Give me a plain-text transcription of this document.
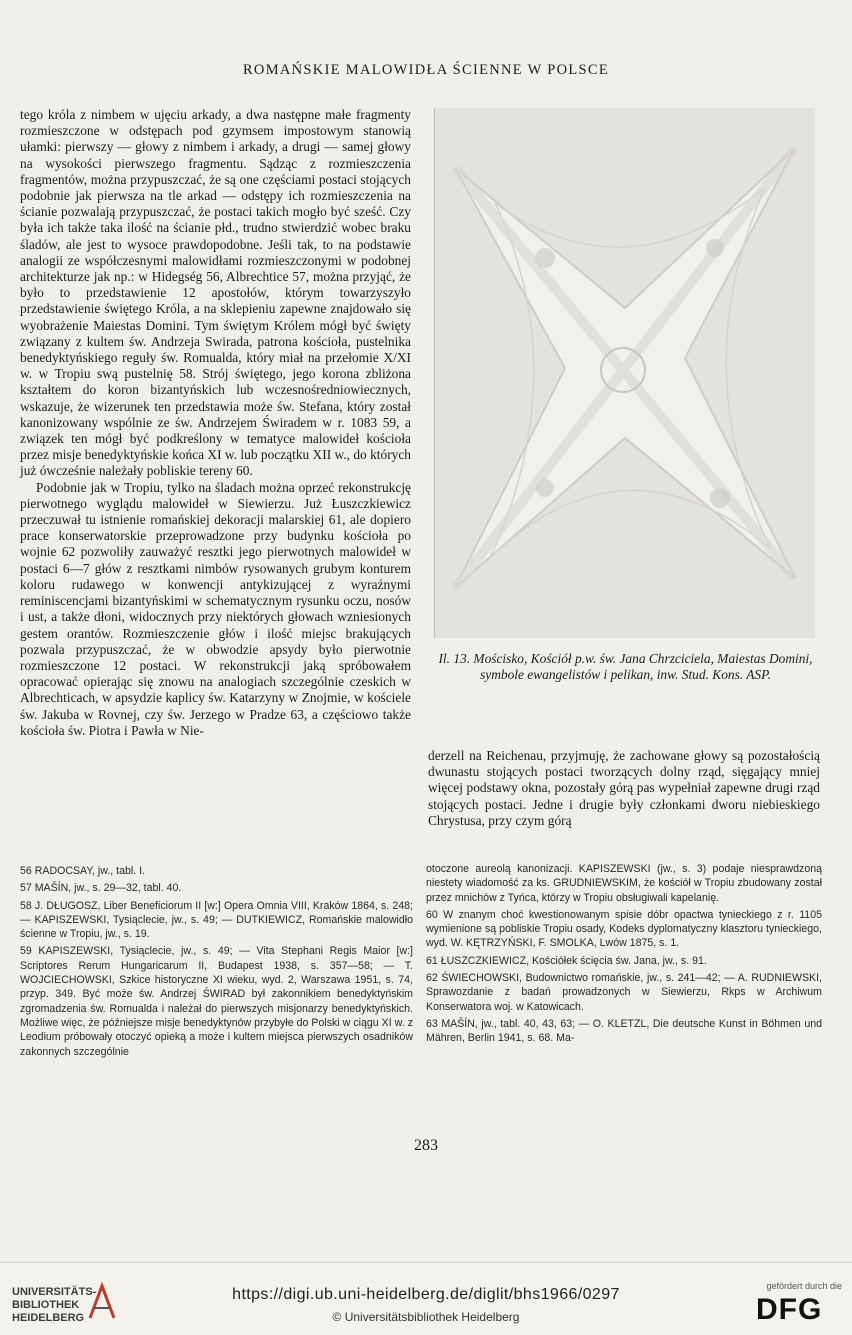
ROMAŃSKIE MALOWIDŁA ŚCIENNE W POLSCE

tego króla z nimbem w ujęciu arkady, a dwa następne małe fragmenty rozmieszczone w odstępach pod gzymsem impostowym stanowią ułamki: pierwszy — głowy z nimbem i arkady, a drugi — samej głowy na wysokości pierwszego fragmentu. Sądząc z rozmieszczenia fragmentów, można przypuszczać, że są one częściami postaci stojących podobnie jak pierwsza na tle arkad — odstępy ich rozmieszczenia na ścianie pozwalają przypuszczać, że postaci takich mogło być sześć. Czy była ich także taka ilość na ścianie płd., trudno stwierdzić wobec braku śladów, ale jest to wysoce prawdopodobne. Jeśli tak, to na podstawie analogii ze współczesnymi malowidłami rozmieszczonymi w podobnej architekturze jak np.: w Hidegség 56, Albrechtice 57, można przyjąć, że było to przedstawienie 12 apostołów, którym towarzyszyło przedstawienie świętego Króla, a na sklepieniu zapewne znajdowało się wyobrażenie Maiestas Domini. Tym świętym Królem mógł być święty związany z kultem św. Andrzeja Swirada, patrona kościoła, pustelnika benedyktyńskiego reguły św. Romualda, który miał na przełomie X/XI w. w Tropiu swą pustelnię 58. Strój świętego, jego korona zbliżona kształtem do koron bizantyńskich lub wczesnośredniowiecznych, wskazuje, że wizerunek ten przedstawia może św. Stefana, który został kanonizowany wspólnie ze św. Andrzejem Świradem w r. 1083 59, a związek ten mógł być podkreślony w tematyce malowideł kościoła przez misje benedyktyńskie końca XI w. lub początku XII w., do których już ówcześnie należały pobliskie tereny 60.

Podobnie jak w Tropiu, tylko na śladach można oprzeć rekonstrukcję pierwotnego wyglądu malowideł w Siewierzu. Już Łuszczkiewicz przeczuwał tu istnienie romańskiej dekoracji malarskiej 61, ale dopiero prace konserwatorskie przeprowadzone przy budynku kościoła po wojnie 62 pozwoliły zauważyć resztki jego pierwotnych malowideł w postaci 6—7 głów z resztkami nimbów rysowanych grubym konturem koloru rudawego w konwencji antykizującej z wyraźnymi reminiscencjami bizantyńskimi w schematycznym rysunku oczu, nosów i ust, a także dłoni, widocznych przy niektórych głowach wzniesionych gestem orantów. Rozmieszczenie głów i ilość miejsc brakujących pozwala przypuszczać, że w obwodzie apsydy było pierwotnie rozmieszczone 12 postaci. W rekonstrukcji jaką spróbowałem opracować opierając się znowu na analogiach szczególnie czeskich w Albrechticach, w apsydzie kaplicy św. Katarzyny w Znojmie, w kościele św. Jakuba w Rovnej, czy św. Jerzego w Pradze 63, a częściowo także kościoła św. Piotra i Pawła w Nie-

Il. 13. Mościsko, Kościół p.w. św. Jana Chrzciciela, Maiestas Domini, symbole ewangelistów i pelikan, inw. Stud. Kons. ASP.

derzell na Reichenau, przyjmuję, że zachowane głowy są pozostałością dwunastu stojących postaci tworzących dolny rząd, sięgający mniej więcej podstawy okna, pozostały górą pas wypełniał zapewne drugi rząd stojących postaci. Jedne i drugie były członkami dworu niebieskiego Chrystusa, przy czym górą

56 RADOCSAY, jw., tabl. I.

57 MAŠÍN, jw., s. 29—32, tabl. 40.

58 J. DŁUGOSZ, Liber Beneficiorum II [w:] Opera Omnia VIII, Kraków 1864, s. 248; — KAPISZEWSKI, Tysiąclecie, jw., s. 49; — DUTKIEWICZ, Romańskie malowidło ścienne w Tropiu, jw., s. 19.

59 KAPISZEWSKI, Tysiąclecie, jw., s. 49; — Vita Stephani Regis Maior [w:] Scriptores Rerum Hungaricarum II, Budapest 1938, s. 357—58; — T. WOJCIECHOWSKI, Szkice historyczne XI wieku, wyd. 2, Warszawa 1951, s. 74, przyp. 349. Być może św. Andrzej ŚWIRAD był zakonnikiem benedyktyńskim zgromadzenia św. Romualda i należał do pierwszych misjonarzy benedyktyńskich. Możliwe więc, że późniejsze misje benedyktynów przybyłe do Polski w ciągu XI w. z Leodium próbowały otoczyć opieką a może i kultem miejsca pierwszych osadników zakonnych szczególnie

otoczone aureolą kanonizacji. KAPISZEWSKI (jw., s. 3) podaje niesprawdzoną niestety wiadomość za ks. GRUDNIEWSKIM, że kościół w Tropiu zbudowany został przez mnichów z Tyńca, którzy w Tropiu obsługiwali kapelanię.

60 W znanym choć kwestionowanym spisie dóbr opactwa tynieckiego z r. 1105 wymienione są pobliskie Tropiu osady, Kodeks dyplomatyczny klasztoru tynieckiego, wyd. W. KĘTRZYŃSKI, F. SMOLKA, Lwów 1875, s. 1.

61 ŁUSZCZKIEWICZ, Kościółek ścięcia św. Jana, jw., s. 91.

62 ŚWIECHOWSKI, Budownictwo romańskie, jw., s. 241—42; — A. RUDNIEWSKI, Sprawozdanie z badań prowadzonych w Siewierzu, Rkps w Archiwum Konserwatora woj. w Katowicach.

63 MAŠÍN, jw., tabl. 40, 43, 63; — O. KLETZL, Die deutsche Kunst in Böhmen und Mähren, Berlin 1941, s. 68. Ma-

283
UNIVERSITÄTS-
BIBLIOTHEK
HEIDELBERG
https://digi.ub.uni-heidelberg.de/diglit/bhs1966/0297
© Universitätsbibliothek Heidelberg
gefördert durch die
DFG
